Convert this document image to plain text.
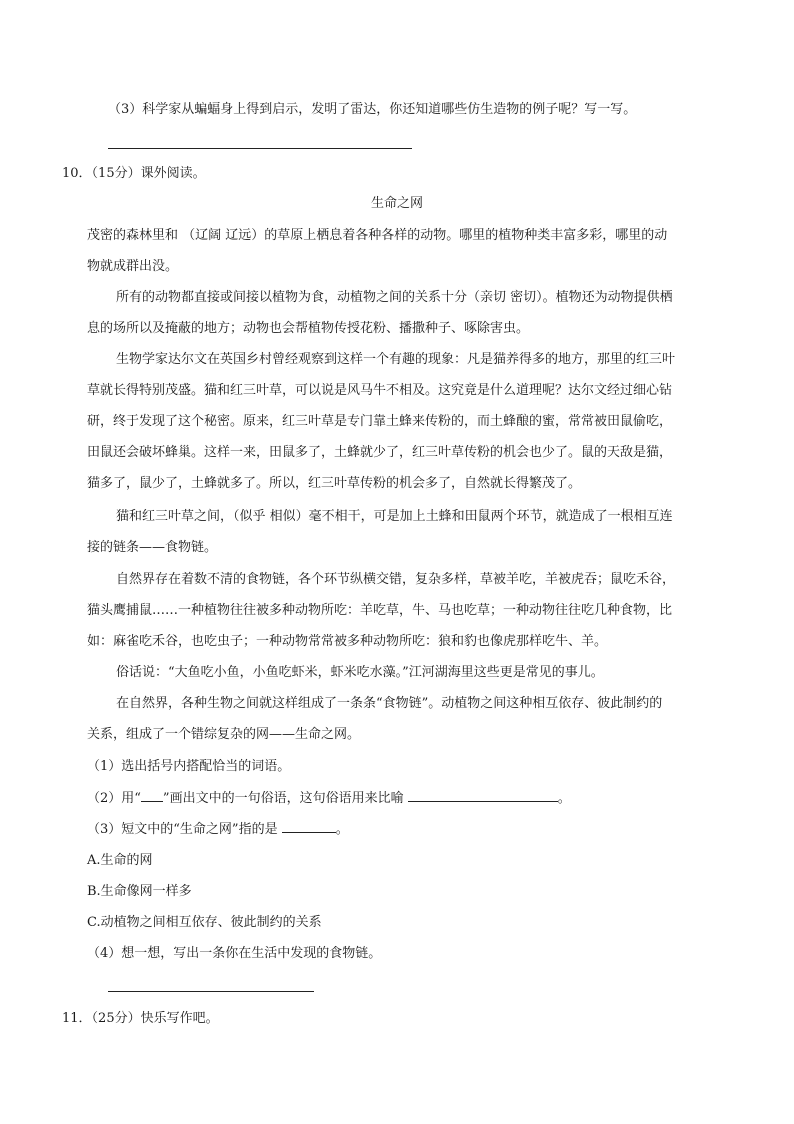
（3）科学家从蝙蝠身上得到启示，发明了雷达，你还知道哪些仿生造物的例子呢？写一写。
10．（15分）课外阅读。
生命之网
茂密的森林里和 （辽阔 辽远）的草原上栖息着各种各样的动物。哪里的植物种类丰富多彩，哪里的动
物就成群出没。
所有的动物都直接或间接以植物为食，动植物之间的关系十分（亲切 密切）。植物还为动物提供栖
息的场所以及掩蔽的地方；动物也会帮植物传授花粉、播撒种子、啄除害虫。
生物学家达尔文在英国乡村曾经观察到这样一个有趣的现象：凡是猫养得多的地方，那里的红三叶
草就长得特别茂盛。猫和红三叶草，可以说是风马牛不相及。这究竟是什么道理呢？达尔文经过细心钻
研，终于发现了这个秘密。原来，红三叶草是专门靠土蜂来传粉的，而土蜂酿的蜜，常常被田鼠偷吃，
田鼠还会破坏蜂巢。这样一来，田鼠多了，土蜂就少了，红三叶草传粉的机会也少了。鼠的天敌是猫，
猫多了，鼠少了，土蜂就多了。所以，红三叶草传粉的机会多了，自然就长得繁茂了。
猫和红三叶草之间，（似乎 相似）毫不相干，可是加上土蜂和田鼠两个环节，就造成了一根相互连
接的链条——食物链。
自然界存在着数不清的食物链，各个环节纵横交错，复杂多样，草被羊吃，羊被虎吞；鼠吃禾谷，
猫头鹰捕鼠……一种植物往往被多种动物所吃：羊吃草，牛、马也吃草；一种动物往往吃几种食物，比
如：麻雀吃禾谷，也吃虫子；一种动物常常被多种动物所吃：狼和豹也像虎那样吃牛、羊。
俗话说：“大鱼吃小鱼，小鱼吃虾米，虾米吃水藻。”江河湖海里这些更是常见的事儿。
在自然界，各种生物之间就这样组成了一条条“食物链”。动植物之间这种相互依存、彼此制约的
关系，组成了一个错综复杂的网——生命之网。
（1）选出括号内搭配恰当的词语。
（2）用“ ”画出文中的一句俗语，这句俗语用来比喻	。
（3）短文中的“生命之网”指的是	。
A.生命的网
B.生命像网一样多
C.动植物之间相互依存、彼此制约的关系
（4）想一想，写出一条你在生活中发现的食物链。
11．（25分）快乐写作吧。
